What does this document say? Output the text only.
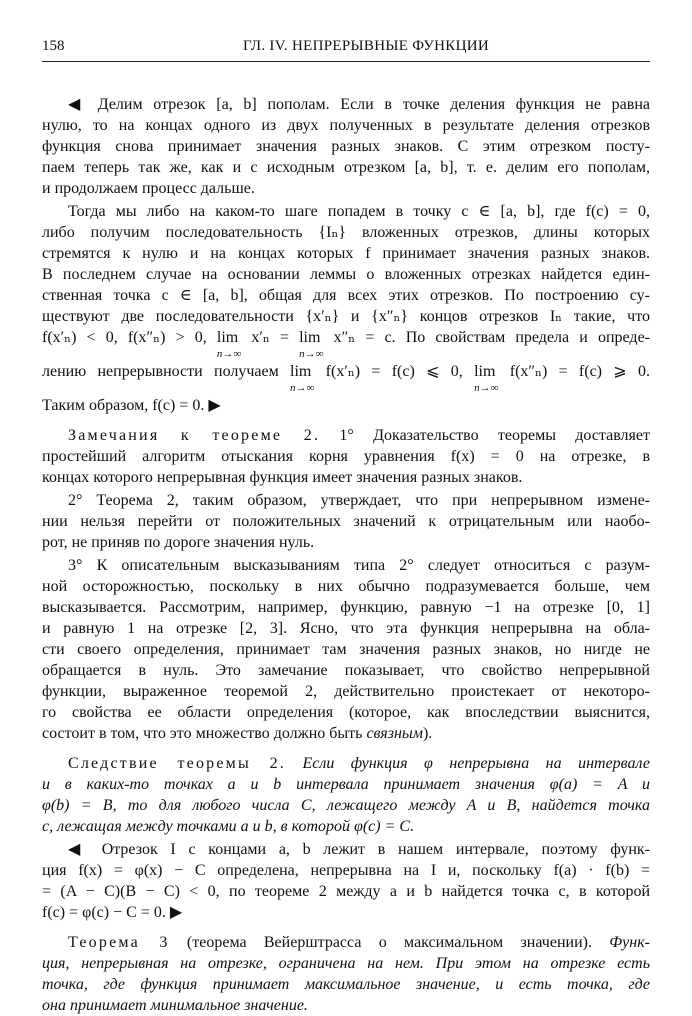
158	ГЛ. IV. НЕПРЕРЫВНЫЕ ФУНКЦИИ
◀ Делим отрезок [a, b] пополам. Если в точке деления функция не равна
нулю, то на концах одного из двух полученных в результате деления отрезков
функция снова принимает значения разных знаков. С этим отрезком посту-
паем теперь так же, как и с исходным отрезком [a, b], т. е. делим его пополам,
и продолжаем процесс дальше.
Тогда мы либо на каком-то шаге попадем в точку c ∈ [a, b], где f(c) = 0,
либо получим последовательность {Iₙ} вложенных отрезков, длины которых
стремятся к нулю и на концах которых f принимает значения разных знаков.
В последнем случае на основании леммы о вложенных отрезках найдется един-
ственная точка c ∈ [a, b], общая для всех этих отрезков. По построению су-
ществуют две последовательности {x′ₙ} и {x″ₙ} концов отрезков Iₙ такие, что
f(x′ₙ) < 0, f(x″ₙ) > 0, lim
n→∞
x′ₙ = lim
n→∞
x″ₙ = c. По свойствам предела и опреде-
лению непрерывности получаем lim
n→∞
f(x′ₙ) = f(c) ⩽ 0, lim
n→∞
f(x″ₙ) = f(c) ⩾ 0.
Таким образом, f(c) = 0. ▶
Замечания к теореме 2. 1° Доказательство теоремы доставляет
простейший алгоритм отыскания корня уравнения f(x) = 0 на отрезке, в
концах которого непрерывная функция имеет значения разных знаков.
2° Теорема 2, таким образом, утверждает, что при непрерывном измене-
нии нельзя перейти от положительных значений к отрицательным или наобо-
рот, не приняв по дороге значения нуль.
3° К описательным высказываниям типа 2° следует относиться с разум-
ной осторожностью, поскольку в них обычно подразумевается больше, чем
высказывается. Рассмотрим, например, функцию, равную −1 на отрезке [0, 1]
и равную 1 на отрезке [2, 3]. Ясно, что эта функция непрерывна на обла-
сти своего определения, принимает там значения разных знаков, но нигде не
обращается в нуль. Это замечание показывает, что свойство непрерывной
функции, выраженное теоремой 2, действительно проистекает от некоторо-
го свойства ее области определения (которое, как впоследствии выяснится,
состоит в том, что это множество должно быть связным).
Следствие теоремы 2. Если функция φ непрерывна на интервале
и в каких-то точках a и b интервала принимает значения φ(a) = A и
φ(b) = B, то для любого числа C, лежащего между A и B, найдется точка
c, лежащая между точками a и b, в которой φ(c) = C.
◀ Отрезок I с концами a, b лежит в нашем интервале, поэтому функ-
ция f(x) = φ(x) − C определена, непрерывна на I и, поскольку f(a) · f(b) =
= (A − C)(B − C) < 0, по теореме 2 между a и b найдется точка c, в которой
f(c) = φ(c) − C = 0. ▶
Теорема 3 (теорема Вейерштрасса о максимальном значении). Функ-
ция, непрерывная на отрезке, ограничена на нем. При этом на отрезке есть
точка, где функция принимает максимальное значение, и есть точка, где
она принимает минимальное значение.
